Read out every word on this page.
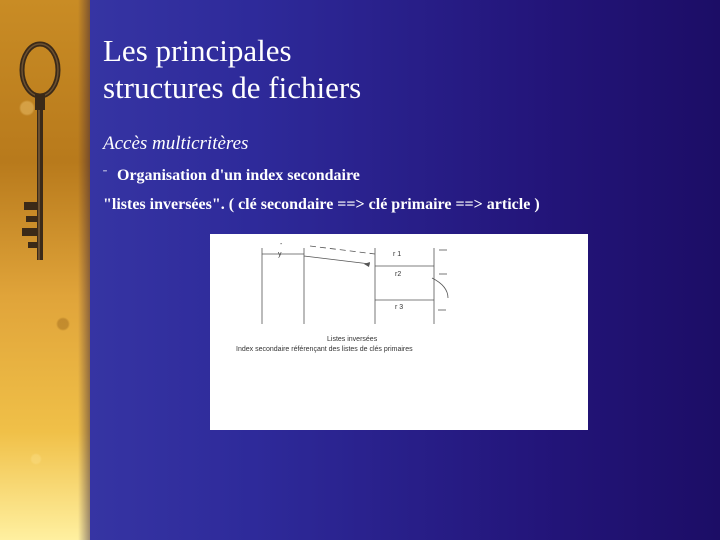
Les principales
structures de fichiers
Accès multicritères
¨ Organisation d'un index secondaire
"listes inversées". ( clé secondaire ==> clé primaire ==> article )
-
y	r 1
r2
r 3
Listes inversées
Index secondaire référençant des listes de clés primaires
